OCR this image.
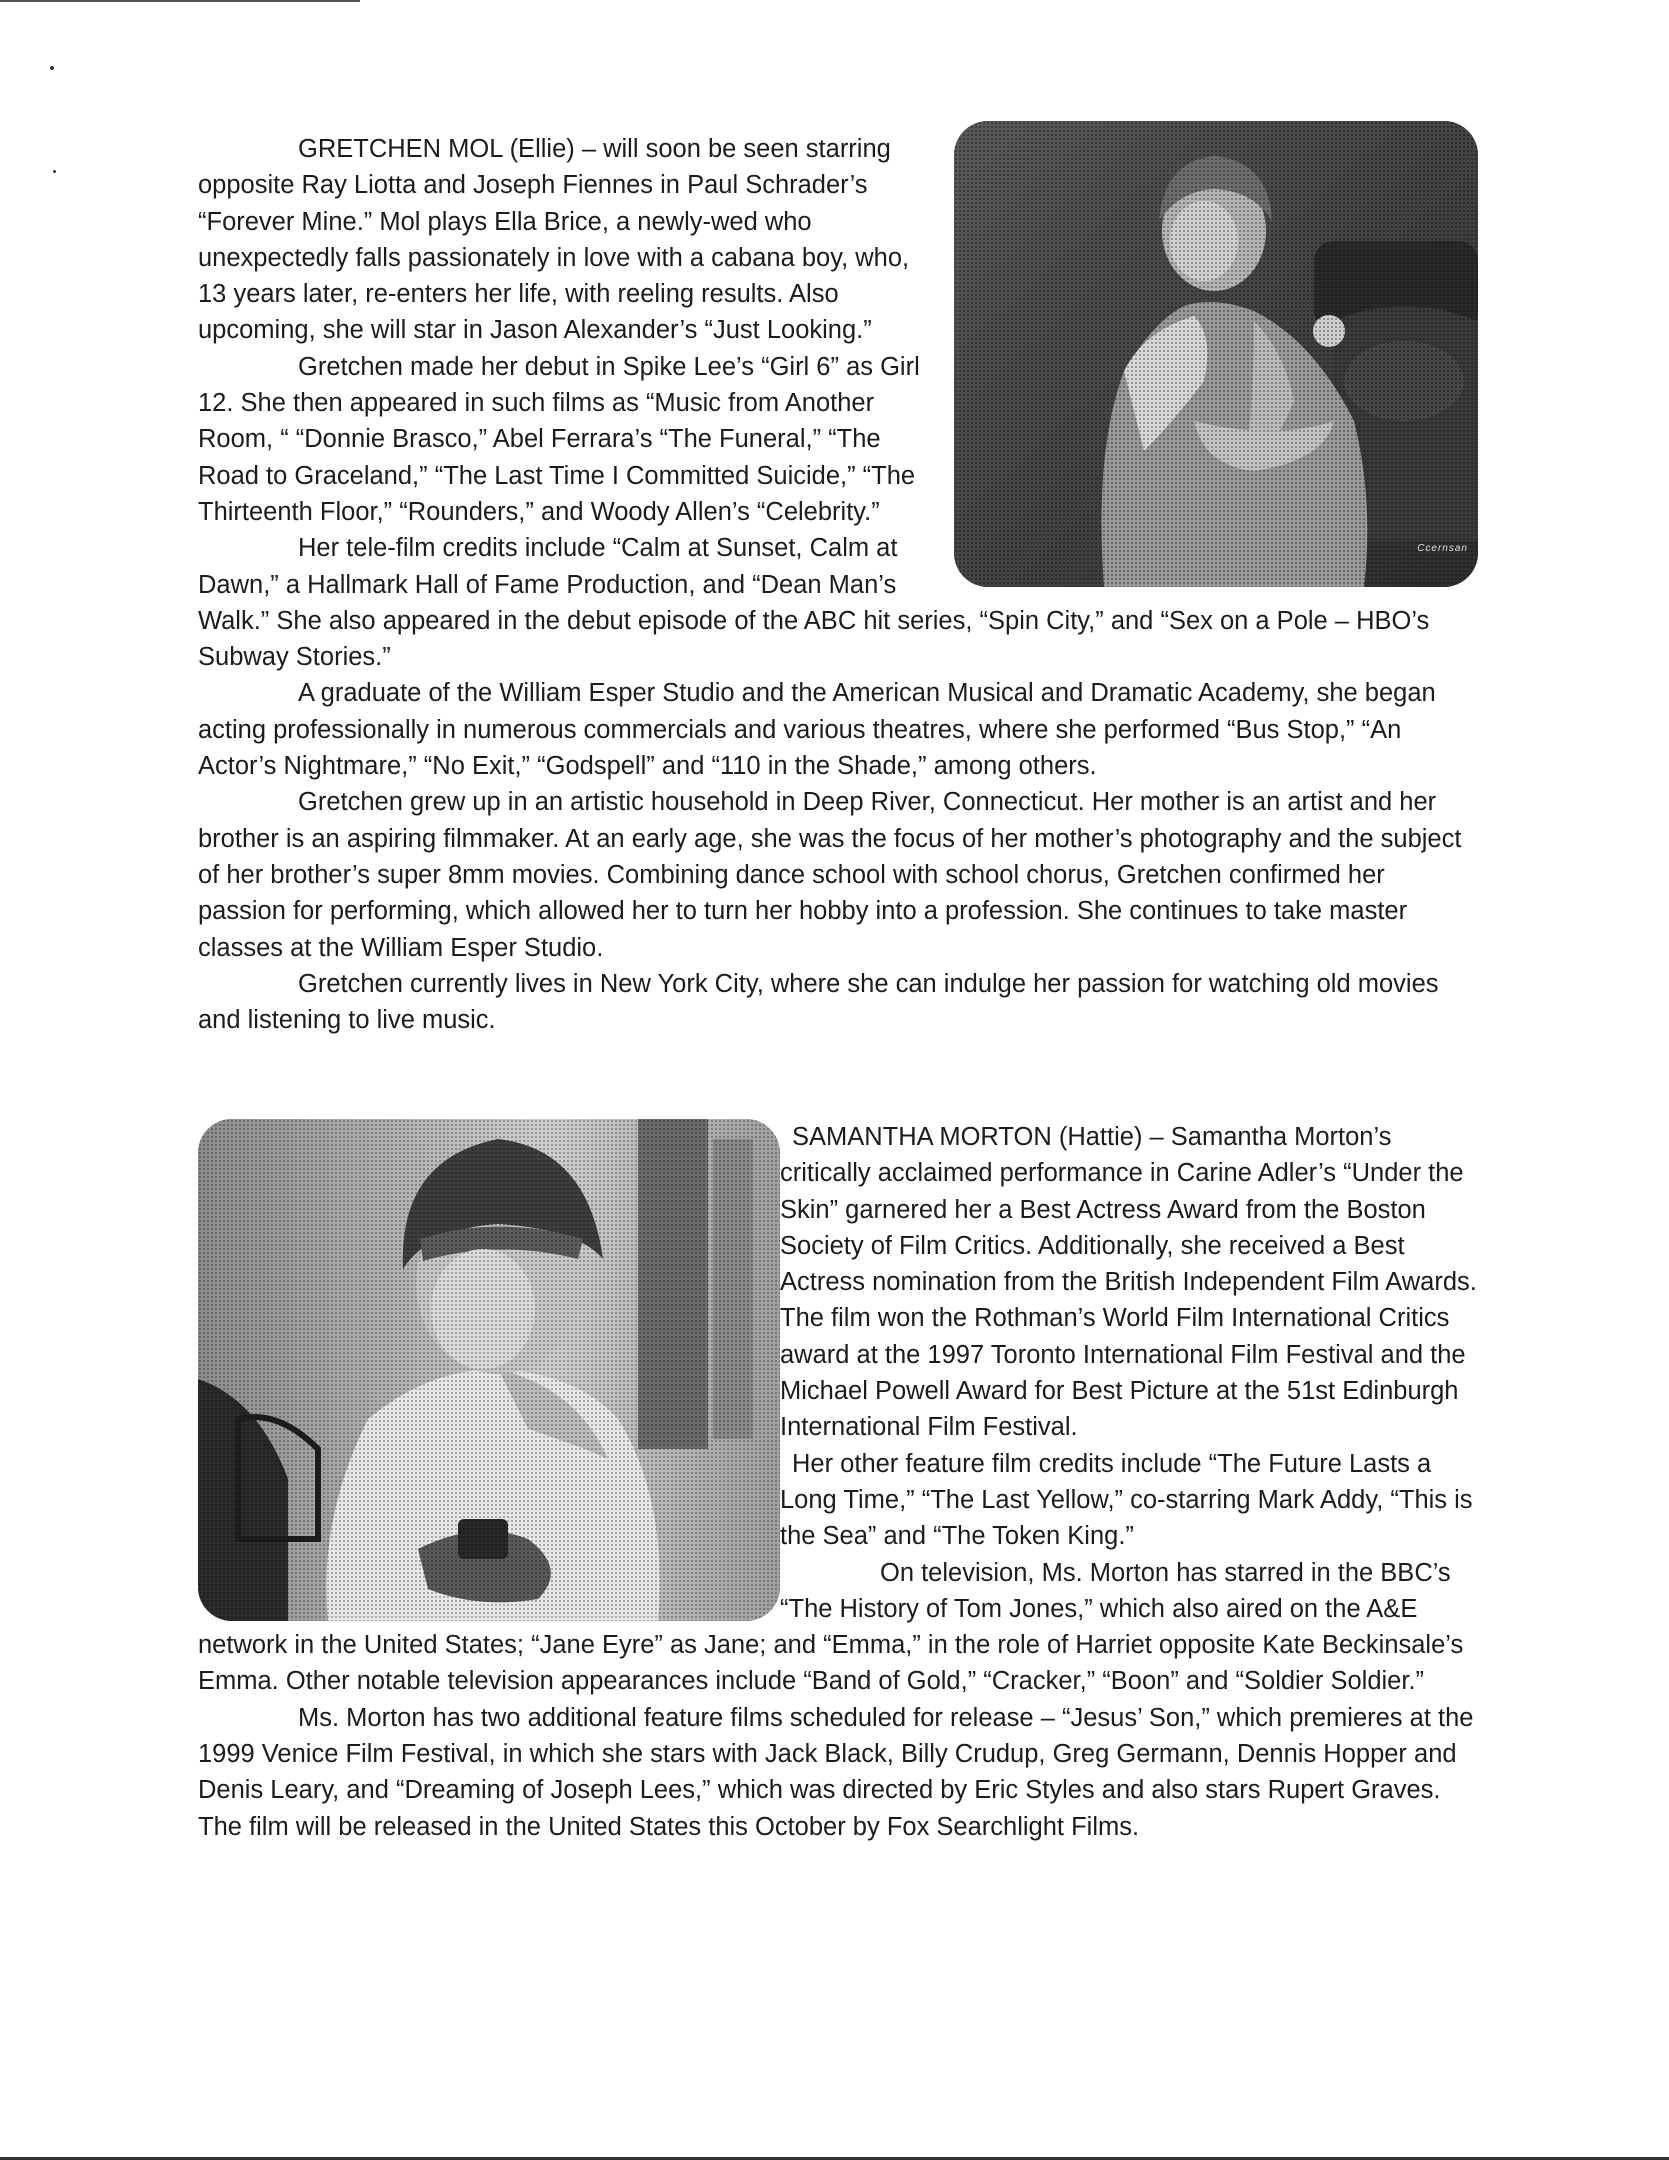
Ccernsan

GRETCHEN MOL (Ellie) – will soon be seen starring opposite Ray Liotta and Joseph Fiennes in Paul Schrader’s “Forever Mine.” Mol plays Ella Brice, a newly-wed who unexpectedly falls passionately in love with a cabana boy, who, 13 years later, re-enters her life, with reeling results. Also upcoming, she will star in Jason Alexander’s “Just Looking.”

Gretchen made her debut in Spike Lee’s “Girl 6” as Girl 12. She then appeared in such films as “Music from Another Room, “ “Donnie Brasco,” Abel Ferrara’s “The Funeral,” “The Road to Graceland,” “The Last Time I Committed Suicide,” “The Thirteenth Floor,” “Rounders,” and Woody Allen’s “Celebrity.”

Her tele-film credits include “Calm at Sunset, Calm at Dawn,” a Hallmark Hall of Fame Production, and “Dean Man’s Walk.” She also appeared in the debut episode of the ABC hit series, “Spin City,” and “Sex on a Pole – HBO’s Subway Stories.”

A graduate of the William Esper Studio and the American Musical and Dramatic Academy, she began acting professionally in numerous commercials and various theatres, where she performed “Bus Stop,” “An Actor’s Nightmare,” “No Exit,” “Godspell” and “110 in the Shade,” among others.

Gretchen grew up in an artistic household in Deep River, Connecticut. Her mother is an artist and her brother is an aspiring filmmaker. At an early age, she was the focus of her mother’s photography and the subject of her brother’s super 8mm movies. Combining dance school with school chorus, Gretchen confirmed her passion for performing, which allowed her to turn her hobby into a profession. She continues to take master classes at the William Esper Studio.

Gretchen currently lives in New York City, where she can indulge her passion for watching old movies and listening to live music.

SAMANTHA MORTON (Hattie) – Samantha Morton’s critically acclaimed performance in Carine Adler’s “Under the Skin” garnered her a Best Actress Award from the Boston Society of Film Critics. Additionally, she received a Best Actress nomination from the British Independent Film Awards. The film won the Rothman’s World Film International Critics award at the 1997 Toronto International Film Festival and the Michael Powell Award for Best Picture at the 51st Edinburgh International Film Festival.

Her other feature film credits include “The Future Lasts a Long Time,” “The Last Yellow,” co-starring Mark Addy, “This is the Sea” and “The Token King.”

On television, Ms. Morton has starred in the BBC’s “The History of Tom Jones,” which also aired on the A&E network in the United States; “Jane Eyre” as Jane; and “Emma,” in the role of Harriet opposite Kate Beckinsale’s Emma. Other notable television appearances include “Band of Gold,” “Cracker,” “Boon” and “Soldier Soldier.”

Ms. Morton has two additional feature films scheduled for release – “Jesus’ Son,” which premieres at the 1999 Venice Film Festival, in which she stars with Jack Black, Billy Crudup, Greg Germann, Dennis Hopper and Denis Leary, and “Dreaming of Joseph Lees,” which was directed by Eric Styles and also stars Rupert Graves. The film will be released in the United States this October by Fox Searchlight Films.
